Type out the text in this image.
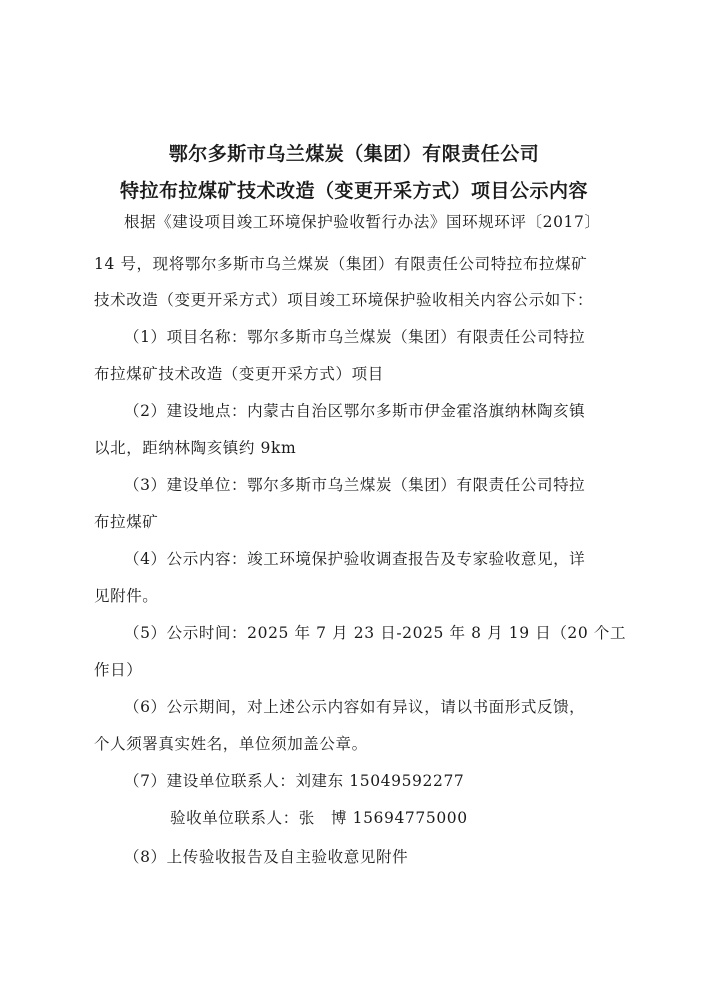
鄂尔多斯市乌兰煤炭（集团）有限责任公司
特拉布拉煤矿技术改造（变更开采方式）项目公示内容
根据《建设项目竣工环境保护验收暂行办法》国环规环评〔2017〕
14 号，现将鄂尔多斯市乌兰煤炭（集团）有限责任公司特拉布拉煤矿
技术改造（变更开采方式）项目竣工环境保护验收相关内容公示如下：
（1）项目名称：鄂尔多斯市乌兰煤炭（集团）有限责任公司特拉
布拉煤矿技术改造（变更开采方式）项目
（2）建设地点：内蒙古自治区鄂尔多斯市伊金霍洛旗纳林陶亥镇
以北，距纳林陶亥镇约 9km
（3）建设单位：鄂尔多斯市乌兰煤炭（集团）有限责任公司特拉
布拉煤矿
（4）公示内容：竣工环境保护验收调查报告及专家验收意见，详
见附件。
（5）公示时间：2025 年 7 月 23 日-2025 年 8 月 19 日（20 个工
作日）
（6）公示期间，对上述公示内容如有异议，请以书面形式反馈，
个人须署真实姓名，单位须加盖公章。
（7）建设单位联系人：刘建东 15049592277
验收单位联系人：张　博 15694775000
（8）上传验收报告及自主验收意见附件
